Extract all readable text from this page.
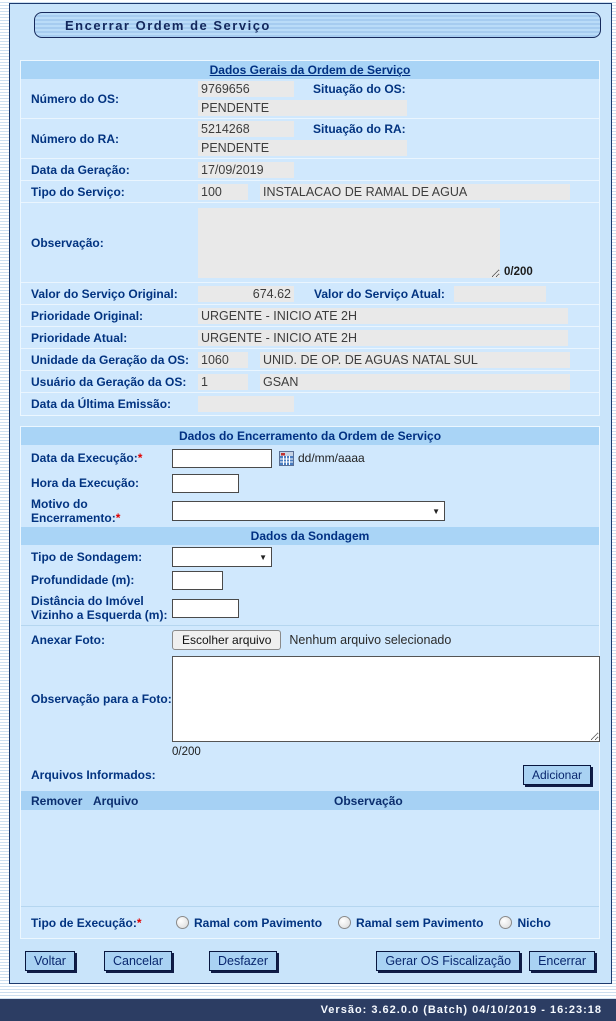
Encerrar Ordem de Serviço
Dados Gerais da Ordem de Serviço
Número do OS:
9769656	Situação do OS:
PENDENTE
Número do RA:
5214268	Situação do RA:
PENDENTE
Data da Geração:	17/09/2019
Tipo do Serviço:	100	INSTALACAO DE RAMAL DE AGUA
Observação:
0/200
Valor do Serviço Original:	674.62 Valor do Serviço Atual:
Prioridade Original:	URGENTE - INICIO ATE 2H
Prioridade Atual:	URGENTE - INICIO ATE 2H
Unidade da Geração da OS: 1060	UNID. DE OP. DE AGUAS NATAL SUL
Usuário da Geração da OS:	1	GSAN
Data da Última Emissão:
Dados do Encerramento da Ordem de Serviço
Data da Execução:*	dd/mm/aaaa
Hora da Execução:
Motivo do Encerramento:*	▼
Dados da Sondagem
Tipo de Sondagem:	▼
Profundidade (m):
Distância do Imóvel Vizinho a Esquerda (m):
Anexar Foto:	Escolher arquivo	Nenhum arquivo selecionado
Observação para a Foto:
0/200
Arquivos Informados:	Adicionar
Remover Arquivo	Observação
Tipo de Execução:*	Ramal com Pavimento	Ramal sem Pavimento	Nicho
Voltar	Cancelar	Desfazer	Gerar OS Fiscalização	Encerrar
Versão: 3.62.0.0 (Batch) 04/10/2019 - 16:23:18
